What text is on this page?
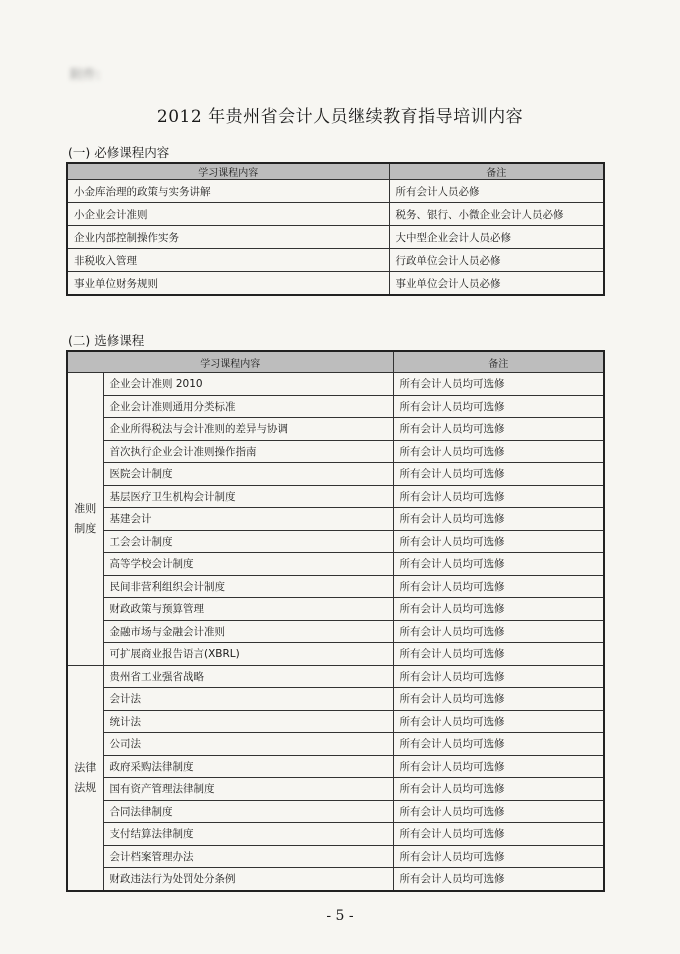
附件:
2012 年贵州省会计人员继续教育指导培训内容
(一) 必修课程内容
学习课程内容	备注
小金库治理的政策与实务讲解	所有会计人员必修
小企业会计准则	税务、银行、小微企业会计人员必修
企业内部控制操作实务	大中型企业会计人员必修
非税收入管理	行政单位会计人员必修
事业单位财务规则	事业单位会计人员必修
(二) 选修课程
学习课程内容		备注
准则制度	企业会计准则 2010	所有会计人员均可选修
	企业会计准则通用分类标准	所有会计人员均可选修
	企业所得税法与会计准则的差异与协调	所有会计人员均可选修
	首次执行企业会计准则操作指南	所有会计人员均可选修
	医院会计制度	所有会计人员均可选修
	基层医疗卫生机构会计制度	所有会计人员均可选修
	基建会计	所有会计人员均可选修
	工会会计制度	所有会计人员均可选修
	高等学校会计制度	所有会计人员均可选修
	民间非营利组织会计制度	所有会计人员均可选修
	财政政策与预算管理	所有会计人员均可选修
	金融市场与金融会计准则	所有会计人员均可选修
	可扩展商业报告语言(XBRL)	所有会计人员均可选修
法律法规	贵州省工业强省战略	所有会计人员均可选修
	会计法	所有会计人员均可选修
	统计法	所有会计人员均可选修
	公司法	所有会计人员均可选修
	政府采购法律制度	所有会计人员均可选修
	国有资产管理法律制度	所有会计人员均可选修
	合同法律制度	所有会计人员均可选修
	支付结算法律制度	所有会计人员均可选修
	会计档案管理办法	所有会计人员均可选修
	财政违法行为处罚处分条例	所有会计人员均可选修
- 5 -
